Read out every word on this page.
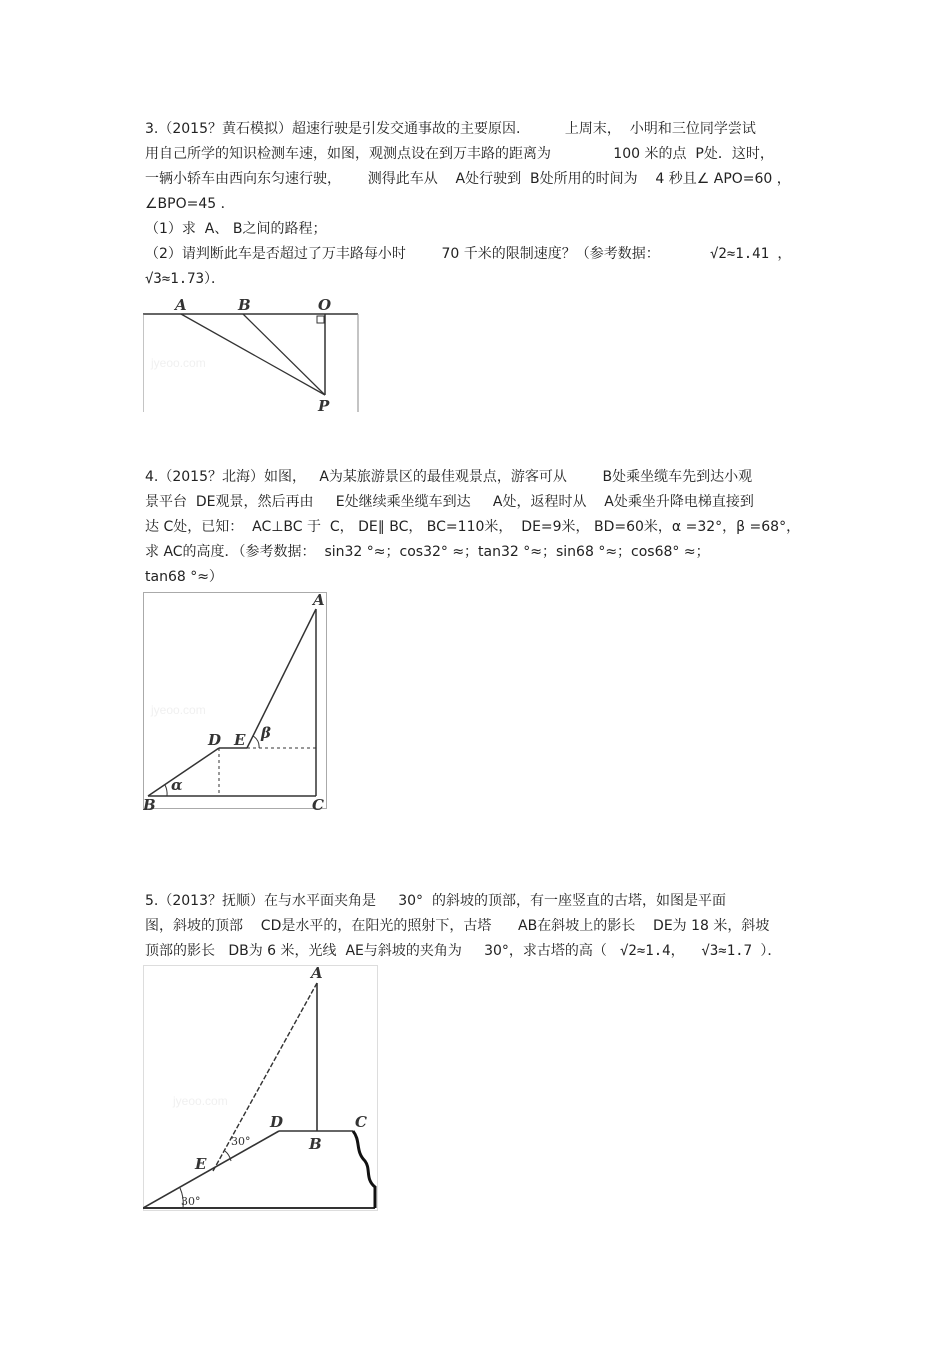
3.（2015？黄石模拟）超速行驶是引发交通事故的主要原因.          上周末，  小明和三位同学尝试
用自己所学的知识检测车速，如图，观测点设在到万丰路的距离为              100 米的点  P处．这时，
一辆小轿车由西向东匀速行驶，      测得此车从    A处行驶到  B处所用的时间为    4 秒且∠ APO=60 ，
∠BPO=45 ．
（1）求  A、 B之间的路程；
（2）请判断此车是否超过了万丰路每小时        70 千米的限制速度？（参考数据：	√2≈1.41 ，
√3≈1.73）．
A	B	O
P
jyeoo.com
4.（2015？北海）如图，   A为某旅游景区的最佳观景点，游客可从        B处乘坐缆车先到达小观
景平台  DE观景，然后再由     E处继续乘坐缆车到达     A处，返程时从    A处乘坐升降电梯直接到
达 C处，已知：  AC⊥BC 于  C， DE∥ BC， BC=110米，  DE=9米， BD=60米，α =32°，β =68°，
求 AC的高度．（参考数据：  sin32 °≈；cos32° ≈；tan32 °≈；sin68 °≈；cos68° ≈；
tan68 °≈）
A
B	C
D E
α
β
jyeoo.com
5.（2013？抚顺）在与水平面夹角是     30°  的斜坡的顶部，有一座竖直的古塔，如图是平面
图，斜坡的顶部    CD是水平的，在阳光的照射下，古塔      AB在斜坡上的影长    DE为 18 米，斜坡
顶部的影长   DB为 6 米，光线  AE与斜坡的夹角为     30°，求古塔的高（ √2≈1.4，  √3≈1.7 ）．
A
B
C
D
E
30°
30°
jyeoo.com
